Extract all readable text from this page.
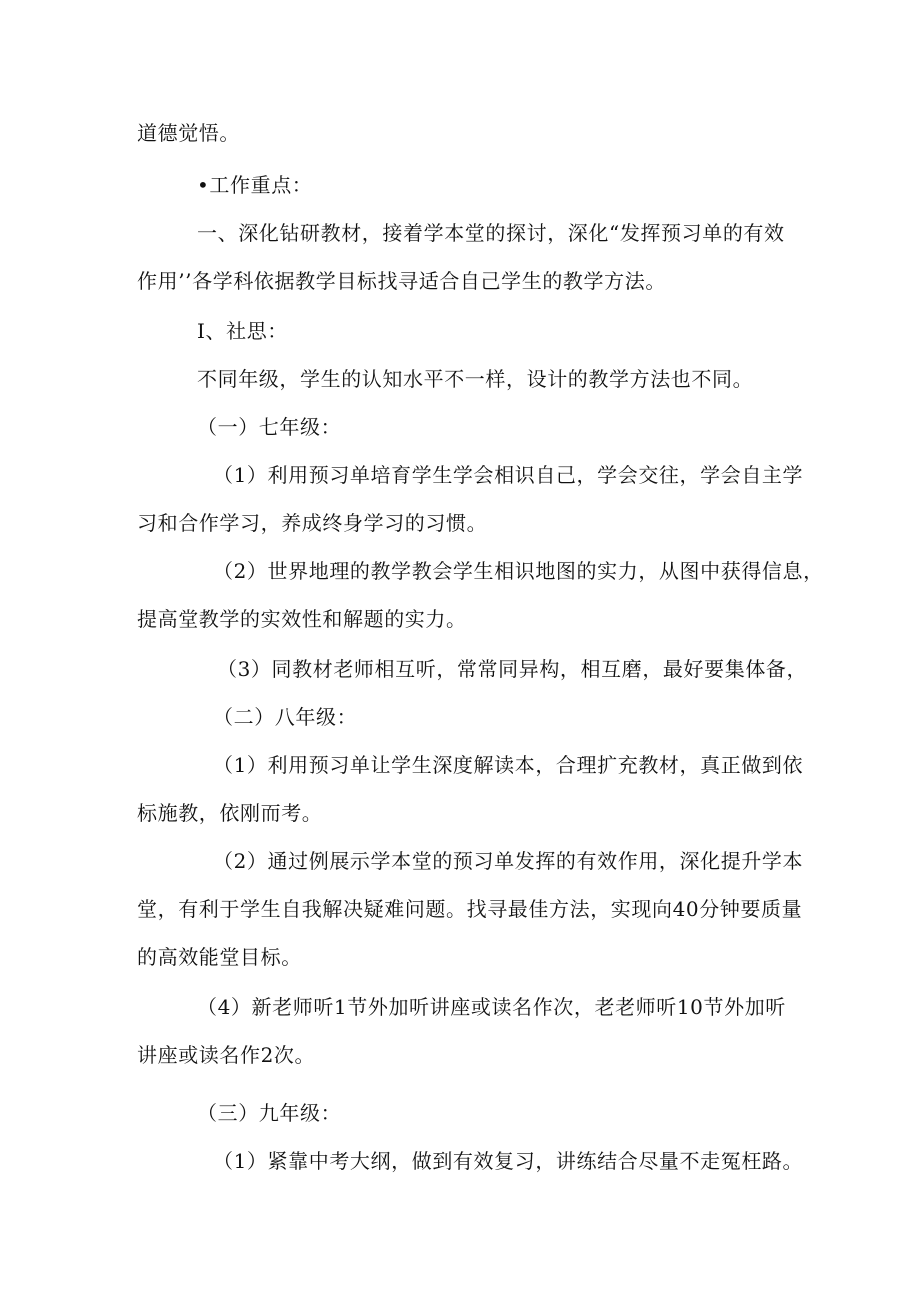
道德觉悟。
•工作重点：
一、深化钻研教材，接着学本堂的探讨，深化“发挥预习单的有效
作用’’各学科依据教学目标找寻适合自己学生的教学方法。
I、社思：
不同年级，学生的认知水平不一样，设计的教学方法也不同。
（一）七年级：
（1）利用预习单培育学生学会相识自己，学会交往，学会自主学
习和合作学习，养成终身学习的习惯。
（2）世界地理的教学教会学生相识地图的实力，从图中获得信息，
提高堂教学的实效性和解题的实力。
（3）同教材老师相互听，常常同异构，相互磨，最好要集体备，
（二）八年级：
（1）利用预习单让学生深度解读本，合理扩充教材，真正做到依
标施教，依刚而考。
（2）通过例展示学本堂的预习单发挥的有效作用，深化提升学本
堂，有利于学生自我解决疑难问题。找寻最佳方法，实现向40分钟要质量
的高效能堂目标。
（4）新老师听1节外加听讲座或读名作次，老老师听10节外加听
讲座或读名作2次。
（三）九年级：
（1）紧靠中考大纲，做到有效复习，讲练结合尽量不走冤枉路。
